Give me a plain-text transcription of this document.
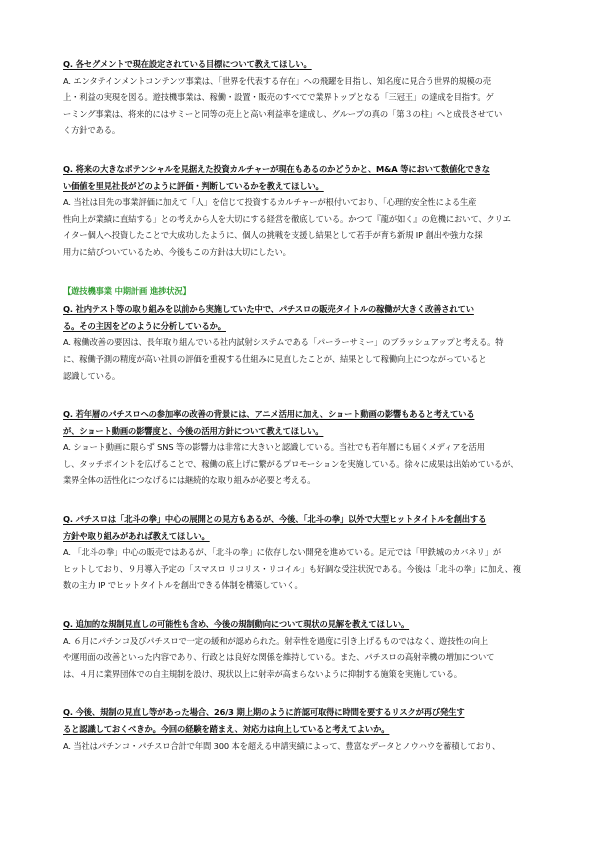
Q. 各セグメントで現在設定されている目標について教えてほしい。

A. エンタテインメントコンテンツ事業は、「世界を代表する存在」への飛躍を目指し、知名度に見合う世界的規模の売
上・利益の実現を図る。遊技機事業は、稼働・設置・販売のすべてで業界トップとなる「三冠王」の達成を目指す。ゲ
ーミング事業は、将来的にはサミーと同等の売上と高い利益率を達成し、グループの真の「第３の柱」へと成長させてい
く方針である。

Q. 将来の大きなポテンシャルを見据えた投資カルチャーが現在もあるのかどうかと、M&A 等において数値化できな
い価値を里見社長がどのように評価・判断しているかを教えてほしい。

A. 当社は目先の事業評価に加えて「人」を信じて投資するカルチャーが根付いており、「心理的安全性による生産
性向上が業績に直結する」との考えから人を大切にする経営を徹底している。かつて『龍が如く』の危機において、クリエ
イター個人へ投資したことで大成功したように、個人の挑戦を支援し結果として若手が育ち新規 IP 創出や強力な採
用力に結びついているため、今後もこの方針は大切にしたい。

【遊技機事業 中期計画 進捗状況】

Q. 社内テスト等の取り組みを以前から実施していた中で、パチスロの販売タイトルの稼働が大きく改善されてい
る。その主因をどのように分析しているか。

A. 稼働改善の要因は、長年取り組んでいる社内試射システムである「パーラーサミー」のブラッシュアップと考える。特
に、稼働予測の精度が高い社員の評価を重視する仕組みに見直したことが、結果として稼働向上につながっていると
認識している。

Q. 若年層のパチスロへの参加率の改善の背景には、アニメ活用に加え、ショート動画の影響もあると考えている
が、ショート動画の影響度と、今後の活用方針について教えてほしい。

A. ショート動画に限らず SNS 等の影響力は非常に大きいと認識している。当社でも若年層にも届くメディアを活用
し、タッチポイントを広げることで、稼働の底上げに繋がるプロモーションを実施している。徐々に成果は出始めているが、
業界全体の活性化につなげるには継続的な取り組みが必要と考える。

Q. パチスロは「北斗の拳」中心の展開との見方もあるが、今後、「北斗の拳」以外で大型ヒットタイトルを創出する
方針や取り組みがあれば教えてほしい。

A. 「北斗の拳」中心の販売ではあるが、「北斗の拳」に依存しない開発を進めている。足元では「甲鉄城のカバネリ」が
ヒットしており、９月導入予定の「スマスロ リコリス・リコイル」も好調な受注状況である。今後は「北斗の拳」に加え、複
数の主力 IP でヒットタイトルを創出できる体制を構築していく。

Q. 追加的な規制見直しの可能性も含め、今後の規制動向について現状の見解を教えてほしい。

A. ６月にパチンコ及びパチスロで一定の緩和が認められた。射幸性を過度に引き上げるものではなく、遊技性の向上
や運用面の改善といった内容であり、行政とは良好な関係を維持している。また、パチスロの高射幸機の増加について
は、４月に業界団体での自主規制を設け、現状以上に射幸が高まらないように抑制する施策を実施している。

Q. 今後、規制の見直し等があった場合、26/3 期上期のように許認可取得に時間を要するリスクが再び発生す
ると認識しておくべきか。今回の経験を踏まえ、対応力は向上していると考えてよいか。

A. 当社はパチンコ・パチスロ合計で年間 300 本を超える申請実績によって、豊富なデータとノウハウを蓄積しており、
